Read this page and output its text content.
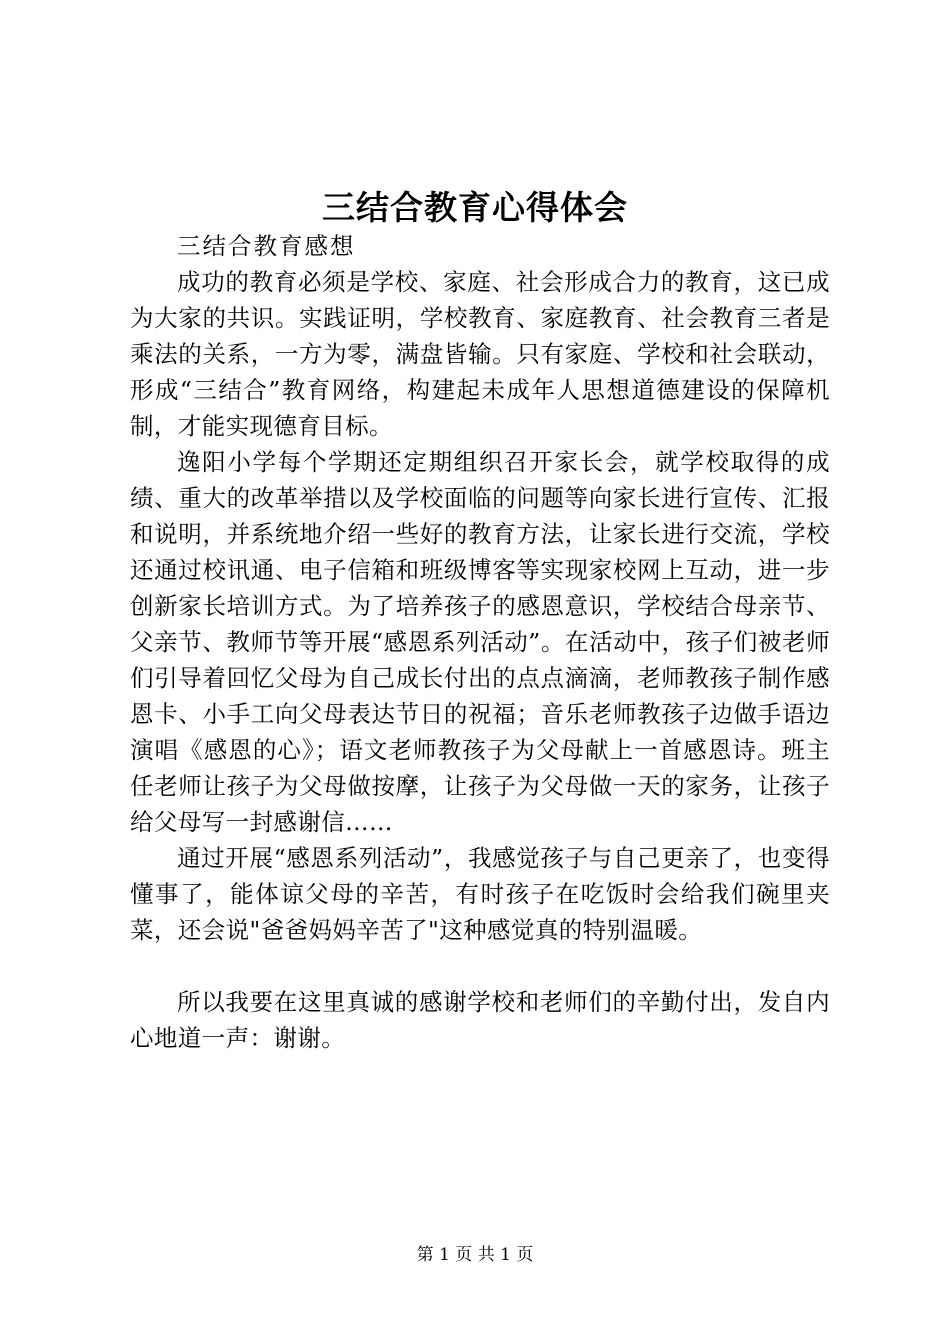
三结合教育心得体会

三结合教育感想

成功的教育必须是学校、家庭、社会形成合力的教育，这已成为大家的共识。实践证明，学校教育、家庭教育、社会教育三者是乘法的关系，一方为零，满盘皆输。只有家庭、学校和社会联动，形成“三结合”教育网络，构建起未成年人思想道德建设的保障机制，才能实现德育目标。

逸阳小学每个学期还定期组织召开家长会，就学校取得的成绩、重大的改革举措以及学校面临的问题等向家长进行宣传、汇报和说明，并系统地介绍一些好的教育方法，让家长进行交流，学校还通过校讯通、电子信箱和班级博客等实现家校网上互动，进一步创新家长培训方式。为了培养孩子的感恩意识，学校结合母亲节、父亲节、教师节等开展“感恩系列活动”。在活动中，孩子们被老师们引导着回忆父母为自己成长付出的点点滴滴，老师教孩子制作感恩卡、小手工向父母表达节日的祝福；音乐老师教孩子边做手语边演唱《感恩的心》；语文老师教孩子为父母献上一首感恩诗。班主任老师让孩子为父母做按摩，让孩子为父母做一天的家务，让孩子给父母写一封感谢信……

通过开展“感恩系列活动”，我感觉孩子与自己更亲了，也变得懂事了，能体谅父母的辛苦，有时孩子在吃饭时会给我们碗里夹菜，还会说"爸爸妈妈辛苦了"这种感觉真的特别温暖。

所以我要在这里真诚的感谢学校和老师们的辛勤付出，发自内心地道一声：谢谢。

第 1 页 共 1 页
